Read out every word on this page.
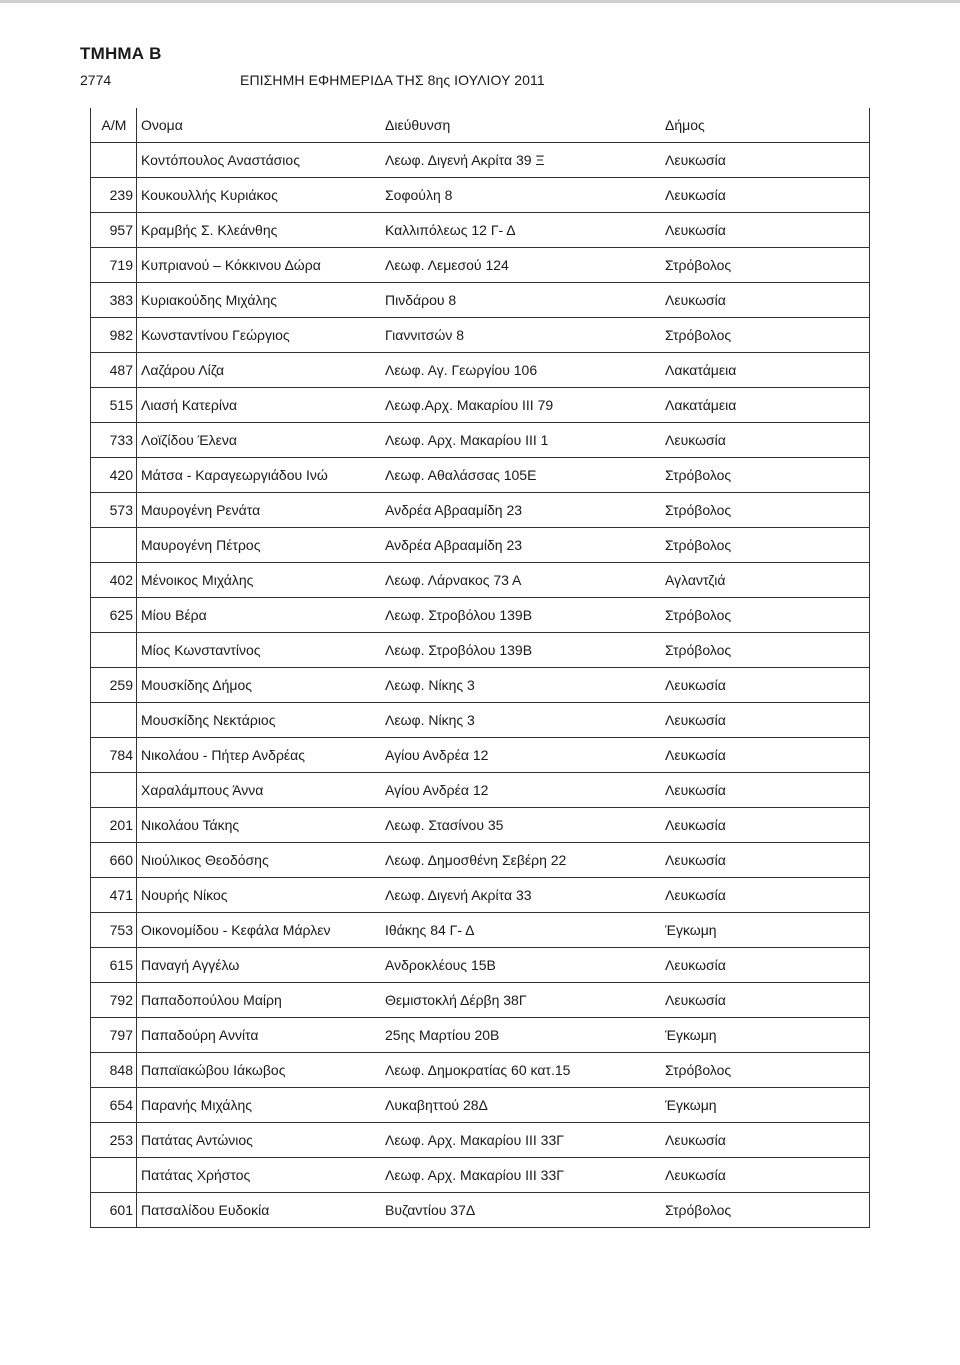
ΤΜΗΜΑ Β
2774	ΕΠΙΣΗΜΗ ΕΦΗΜΕΡΙΔΑ ΤΗΣ 8ης ΙΟΥΛΙΟΥ 2011
Α/Μ	Ονομα	Διεύθυνση	Δήμος
	Κοντόπουλος Αναστάσιος	Λεωφ. Διγενή Ακρίτα 39 Ξ	Λευκωσία
239	Κουκουλλής Κυριάκος	Σοφούλη 8	Λευκωσία
957	Κραμβής Σ. Κλεάνθης	Καλλιπόλεως 12 Γ- Δ	Λευκωσία
719	Κυπριανού – Κόκκινου Δώρα	Λεωφ. Λεμεσού 124	Στρόβολος
383	Κυριακούδης Μιχάλης	Πινδάρου 8	Λευκωσία
982	Κωνσταντίνου Γεώργιος	Γιαννιτσών 8	Στρόβολος
487	Λαζάρου Λίζα	Λεωφ. Αγ. Γεωργίου 106	Λακατάμεια
515	Λιασή Κατερίνα	Λεωφ.Αρχ. Μακαρίου ΙΙΙ 79	Λακατάμεια
733	Λοϊζίδου Έλενα	Λεωφ. Αρχ. Μακαρίου ΙΙΙ 1	Λευκωσία
420	Μάτσα - Καραγεωργιάδου Ινώ	Λεωφ. Αθαλάσσας 105Ε	Στρόβολος
573	Μαυρογένη Ρενάτα	Ανδρέα Αβρααμίδη 23	Στρόβολος
	Μαυρογένη Πέτρος	Ανδρέα Αβρααμίδη 23	Στρόβολος
402	Μένοικος Μιχάλης	Λεωφ. Λάρνακος 73 Α	Αγλαντζιά
625	Μίου Βέρα	Λεωφ. Στροβόλου 139Β	Στρόβολος
	Μίος Κωνσταντίνος	Λεωφ. Στροβόλου 139Β	Στρόβολος
259	Μουσκίδης Δήμος	Λεωφ. Νίκης 3	Λευκωσία
	Μουσκίδης Νεκτάριος	Λεωφ. Νίκης 3	Λευκωσία
784	Νικολάου - Πήτερ Ανδρέας	Αγίου Ανδρέα 12	Λευκωσία
	Χαραλάμπους Άννα	Αγίου Ανδρέα 12	Λευκωσία
201	Νικολάου Τάκης	Λεωφ. Στασίνου 35	Λευκωσία
660	Νιούλικος Θεοδόσης	Λεωφ. Δημοσθένη Σεβέρη 22	Λευκωσία
471	Νουρής Νίκος	Λεωφ. Διγενή Ακρίτα 33	Λευκωσία
753	Οικονομίδου - Κεφάλα Μάρλεν	Ιθάκης 84 Γ- Δ	Έγκωμη
615	Παναγή Αγγέλω	Ανδροκλέους 15Β	Λευκωσία
792	Παπαδοπούλου Μαίρη	Θεμιστοκλή Δέρβη 38Γ	Λευκωσία
797	Παπαδούρη Αννίτα	25ης Μαρτίου 20Β	Έγκωμη
848	Παπαϊακώβου Ιάκωβος	Λεωφ. Δημοκρατίας 60 κατ.15	Στρόβολος
654	Παρανής Μιχάλης	Λυκαβηττού 28Δ	Έγκωμη
253	Πατάτας Αντώνιος	Λεωφ. Αρχ. Μακαρίου ΙΙΙ 33Γ	Λευκωσία
	Πατάτας Χρήστος	Λεωφ. Αρχ. Μακαρίου ΙΙΙ 33Γ	Λευκωσία
601	Πατσαλίδου Ευδοκία	Βυζαντίου 37Δ	Στρόβολος
